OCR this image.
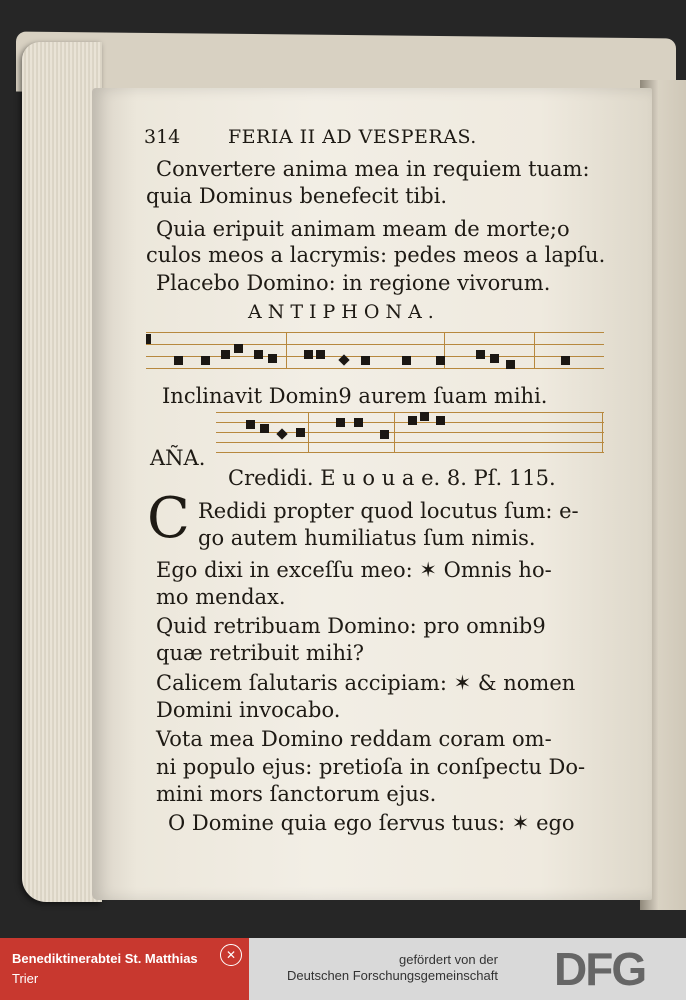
314	FERIA II AD VESPERAS.
Convertere anima mea in requiem tuam:
quia Dominus benefecit tibi.
Quia eripuit animam meam de morte;o
culos meos a lacrymis: pedes meos a lapſu.
Placebo Domino: in regione vivorum.
ANTIPHONA.
Inclinavit Domin9 aurem ſuam mihi.
AÑA.
Credidi. E u o u a e. 8. Pſ. 115.
C Redidi propter quod locutus ſum: e-
go autem humiliatus ſum nimis.
Ego dixi in exceſſu meo: ✶ Omnis ho-
mo mendax.
Quid retribuam Domino: pro omnib9
quæ retribuit mihi?
Calicem ſalutaris accipiam: ✶ & nomen
Domini invocabo.
Vota mea Domino reddam coram om-
ni populo ejus: pretioſa in conſpectu Do-
mini mors ſanctorum ejus.
O Domine quia ego ſervus tuus: ✶ ego
Benediktinerabtei St. Matthias
Trier
✕	gefördert von der
Deutschen Forschungsgemeinschaft DFG
